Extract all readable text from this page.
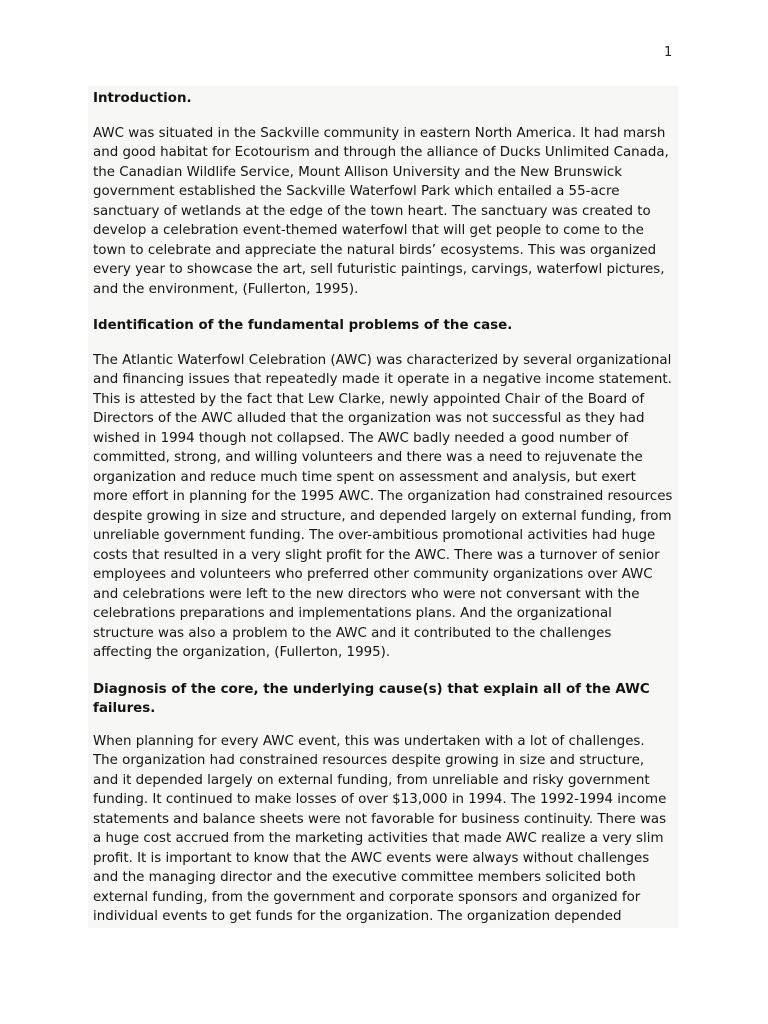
1
Introduction.

AWC was situated in the Sackville community in eastern North America. It had marsh and good habitat for Ecotourism and through the alliance of Ducks Unlimited Canada, the Canadian Wildlife Service, Mount Allison University and the New Brunswick government established the Sackville Waterfowl Park which entailed a 55-acre sanctuary of wetlands at the edge of the town heart. The sanctuary was created to develop a celebration event-themed waterfowl that will get people to come to the town to celebrate and appreciate the natural birds’ ecosystems. This was organized every year to showcase the art, sell futuristic paintings, carvings, waterfowl pictures, and the environment, (Fullerton, 1995).

Identification of the fundamental problems of the case.

The Atlantic Waterfowl Celebration (AWC) was characterized by several organizational and financing issues that repeatedly made it operate in a negative income statement. This is attested by the fact that Lew Clarke, newly appointed Chair of the Board of Directors of the AWC alluded that the organization was not successful as they had wished in 1994 though not collapsed. The AWC badly needed a good number of committed, strong, and willing volunteers and there was a need to rejuvenate the organization and reduce much time spent on assessment and analysis, but exert more effort in planning for the 1995 AWC. The organization had constrained resources despite growing in size and structure, and depended largely on external funding, from unreliable government funding. The over-ambitious promotional activities had huge costs that resulted in a very slight profit for the AWC. There was a turnover of senior employees and volunteers who preferred other community organizations over AWC and celebrations were left to the new directors who were not conversant with the celebrations preparations and implementations plans. And the organizational structure was also a problem to the AWC and it contributed to the challenges affecting the organization, (Fullerton, 1995).

Diagnosis of the core, the underlying cause(s) that explain all of the AWC failures.

When planning for every AWC event, this was undertaken with a lot of challenges. The organization had constrained resources despite growing in size and structure, and it depended largely on external funding, from unreliable and risky government funding. It continued to make losses of over $13,000 in 1994. The 1992-1994 income statements and balance sheets were not favorable for business continuity. There was a huge cost accrued from the marketing activities that made AWC realize a very slim profit. It is important to know that the AWC events were always without challenges and the managing director and the executive committee members solicited both external funding, from the government and corporate sponsors and organized for individual events to get funds for the organization. The organization depended
